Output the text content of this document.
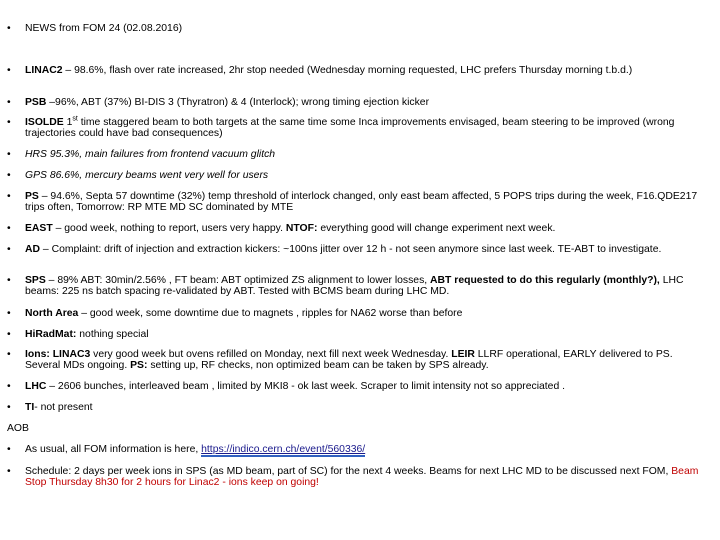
• NEWS from FOM 24 (02.08.2016)
• LINAC2 – 98.6%, flash over rate increased, 2hr stop needed (Wednesday morning requested, LHC prefers Thursday morning t.b.d.)
• PSB –96%, ABT (37%) BI-DIS 3 (Thyratron) & 4 (Interlock); wrong timing ejection kicker
• ISOLDE 1st time staggered beam to both targets at the same time some Inca improvements envisaged, beam steering to be improved (wrong trajectories could have bad consequences)
• HRS 95.3%, main failures from frontend vacuum glitch
• GPS 86.6%, mercury beams went very well for users
• PS – 94.6%, Septa 57 downtime (32%) temp threshold of interlock changed, only east beam affected, 5 POPS trips during the week, F16.QDE217 trips often, Tomorrow: RP MTE MD SC dominated by MTE
• EAST – good week, nothing to report, users very happy. NTOF: everything good will change experiment next week.
• AD – Complaint: drift of injection and extraction kickers: ~100ns jitter over 12 h - not seen anymore since last week. TE-ABT to investigate.
• SPS – 89% ABT: 30min/2.56% , FT beam: ABT optimized ZS alignment to lower losses, ABT requested to do this regularly (monthly?), LHC beams: 225 ns batch spacing re-validated by ABT. Tested with BCMS beam during LHC MD.
• North Area – good week, some downtime due to magnets , ripples for NA62 worse than before
• HiRadMat: nothing special
• Ions: LINAC3 very good week but ovens refilled on Monday, next fill next week Wednesday. LEIR LLRF operational, EARLY delivered to PS. Several MDs ongoing. PS: setting up, RF checks, non optimized beam can be taken by SPS already.
• LHC – 2606 bunches, interleaved beam , limited by MKI8 - ok last week. Scraper to limit intensity not so appreciated .
• TI- not present
AOB
• As usual, all FOM information is here, https://indico.cern.ch/event/560336/
• Schedule: 2 days per week ions in SPS (as MD beam, part of SC) for the next 4 weeks. Beams for next LHC MD to be discussed next FOM, Beam Stop Thursday 8h30 for 2 hours for Linac2 - ions keep on going!
